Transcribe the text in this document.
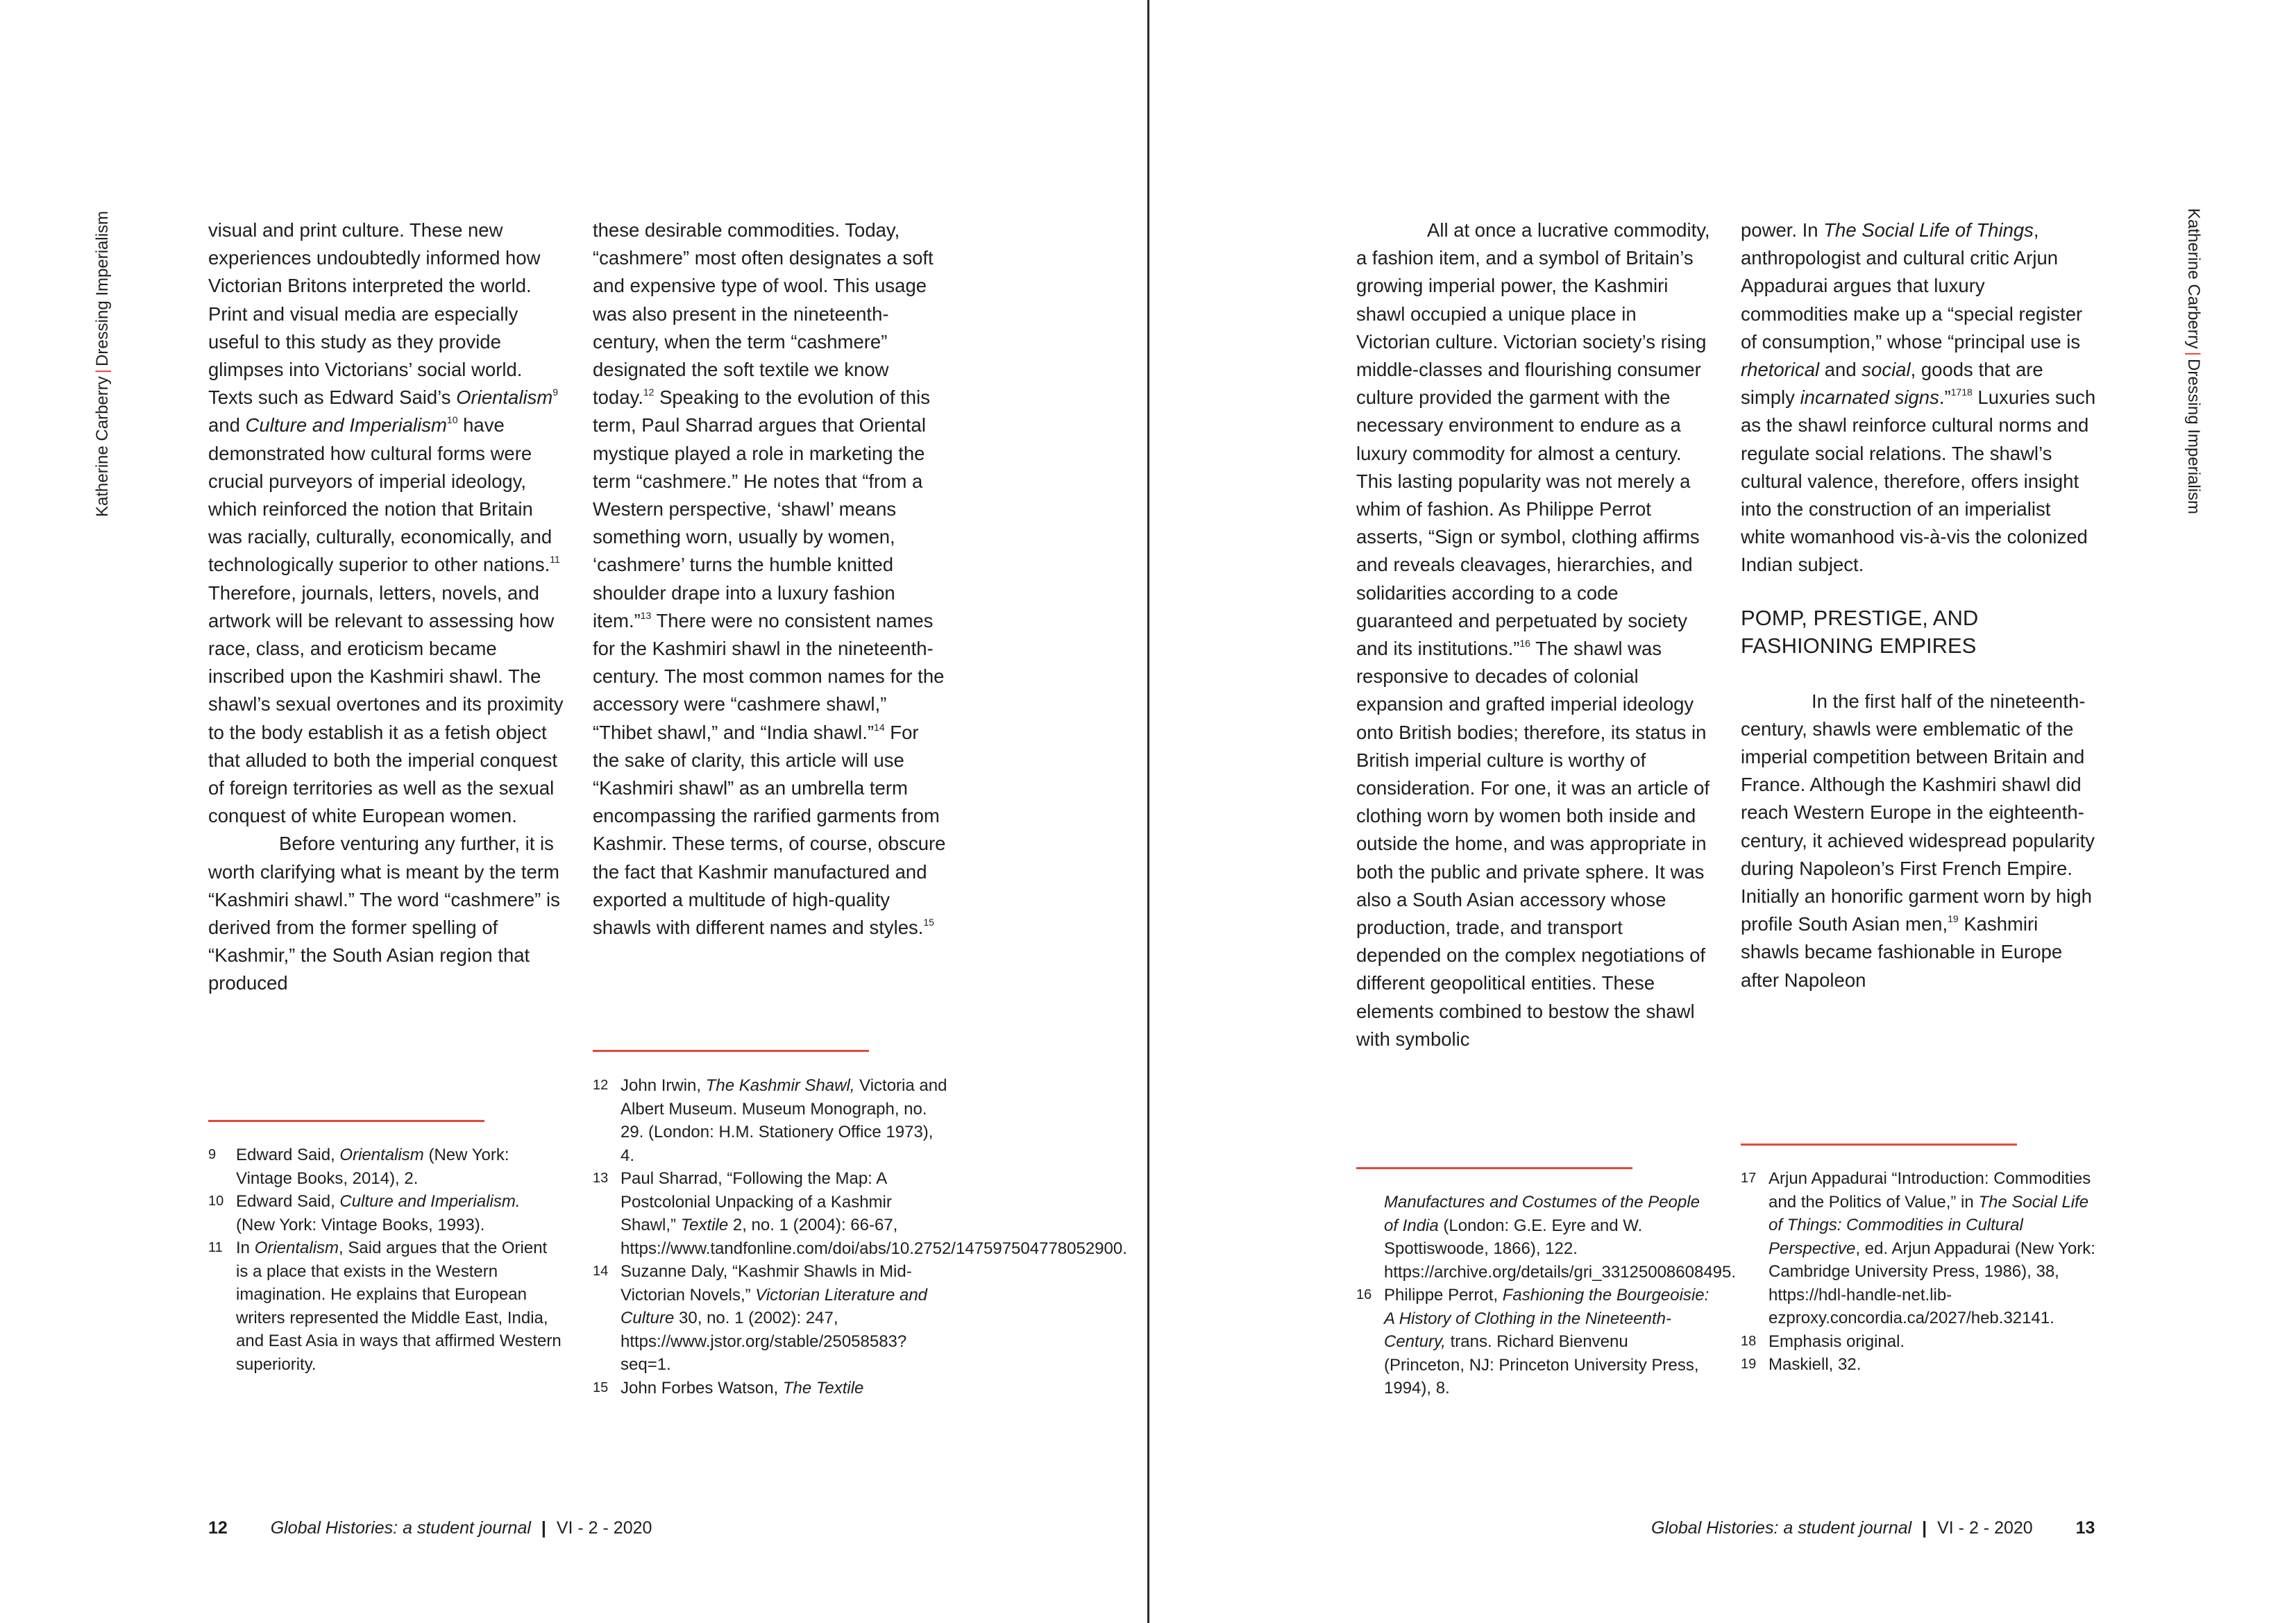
Katherine Carberry|Dressing Imperialism	visual and print culture. These new experiences undoubtedly informed how Victorian Britons interpreted the world. Print and visual media are especially useful to this study as they provide glimpses into Victorians’ social world. Texts such as Edward Said’s Orientalism$^9$ and Culture and Imperialism$^{10}$ have demonstrated how cultural forms were crucial purveyors of imperial ideology, which reinforced the notion that Britain was racially, culturally, economically, and technologically superior to other nations.$^{11}$ Therefore, journals, letters, novels, and artwork will be relevant to assessing how race, class, and eroticism became inscribed upon the Kashmiri shawl. The shawl’s sexual overtones and its proximity to the body establish it as a fetish object that alluded to both the imperial conquest of foreign territories as well as the sexual conquest of white European women.

Before venturing any further, it is worth clarifying what is meant by the term “Kashmiri shawl.” The word “cashmere” is derived from the former spelling of “Kashmir,” the South Asian region that produced

these desirable commodities. Today, “cashmere” most often designates a soft and expensive type of wool. This usage was also present in the nineteenth-century, when the term “cashmere” designated the soft textile we know today.$^{12}$ Speaking to the evolution of this term, Paul Sharrad argues that Oriental mystique played a role in marketing the term “cashmere.” He notes that “from a Western perspective, ‘shawl’ means something worn, usually by women, ‘cashmere’ turns the humble knitted shoulder drape into a luxury fashion item.”$^{13}$ There were no consistent names for the Kashmiri shawl in the nineteenth-century. The most common names for the accessory were “cashmere shawl,” “Thibet shawl,” and “India shawl.”$^{14}$ For the sake of clarity, this article will use “Kashmiri shawl” as an umbrella term encompassing the rarified garments from Kashmir. These terms, of course, obscure the fact that Kashmir manufactured and exported a multitude of high-quality shawls with different names and styles.$^{15}$

9 Edward Said, Orientalism (New York: Vintage Books, 2014), 2.

10 Edward Said, Culture and Imperialism. (New York: Vintage Books, 1993).

11 In Orientalism, Said argues that the Orient is a place that exists in the Western imagination. He explains that European writers represented the Middle East, India, and East Asia in ways that affirmed Western superiority.

12 John Irwin, The Kashmir Shawl, Victoria and Albert Museum. Museum Monograph, no. 29. (London: H.M. Stationery Office 1973), 4.

13 Paul Sharrad, “Following the Map: A Postcolonial Unpacking of a Kashmir Shawl,” Textile 2, no. 1 (2004): 66-67, https://www.tandfonline.com/doi/abs/10.2752/147597504778052900.

14 Suzanne Daly, “Kashmir Shawls in Mid-Victorian Novels,” Victorian Literature and Culture 30, no. 1 (2002): 247, https://www.jstor.org/stable/25058583?seq=1.

15 John Forbes Watson, The Textile

12 Global Histories: a student journal | VI - 2 - 2020
Katherine Carberry|Dressing Imperialism

All at once a lucrative commodity, a fashion item, and a symbol of Britain’s growing imperial power, the Kashmiri shawl occupied a unique place in Victorian culture. Victorian society’s rising middle-classes and flourishing consumer culture provided the garment with the necessary environment to endure as a luxury commodity for almost a century. This lasting popularity was not merely a whim of fashion. As Philippe Perrot asserts, “Sign or symbol, clothing affirms and reveals cleavages, hierarchies, and solidarities according to a code guaranteed and perpetuated by society and its institutions.”$^{16}$ The shawl was responsive to decades of colonial expansion and grafted imperial ideology onto British bodies; therefore, its status in British imperial culture is worthy of consideration. For one, it was an article of clothing worn by women both inside and outside the home, and was appropriate in both the public and private sphere. It was also a South Asian accessory whose production, trade, and transport depended on the complex negotiations of different geopolitical entities. These elements combined to bestow the shawl with symbolic

power. In The Social Life of Things, anthropologist and cultural critic Arjun Appadurai argues that luxury commodities make up a “special register of consumption,” whose “principal use is rhetorical and social, goods that are simply incarnated signs.”$^{1718}$ Luxuries such as the shawl reinforce cultural norms and regulate social relations. The shawl’s cultural valence, therefore, offers insight into the construction of an imperialist white womanhood vis-à-vis the colonized Indian subject.

POMP, PRESTIGE, AND FASHIONING EMPIRES

In the first half of the nineteenth-century, shawls were emblematic of the imperial competition between Britain and France. Although the Kashmiri shawl did reach Western Europe in the eighteenth-century, it achieved widespread popularity during Napoleon’s First French Empire. Initially an honorific garment worn by high profile South Asian men,$^{19}$ Kashmiri shawls became fashionable in Europe after Napoleon

Manufactures and Costumes of the People of India (London: G.E. Eyre and W. Spottiswoode, 1866), 122. https://archive.org/details/gri_33125008608495.

16 Philippe Perrot, Fashioning the Bourgeoisie: A History of Clothing in the Nineteenth-Century, trans. Richard Bienvenu (Princeton, NJ: Princeton University Press, 1994), 8.

17 Arjun Appadurai “Introduction: Commodities and the Politics of Value,” in The Social Life of Things: Commodities in Cultural Perspective, ed. Arjun Appadurai (New York: Cambridge University Press, 1986), 38, https://hdl-handle-net.lib-ezproxy.concordia.ca/2027/heb.32141.

18 Emphasis original.

19 Maskiell, 32.

Global Histories: a student journal | VI - 2 - 2020 13
